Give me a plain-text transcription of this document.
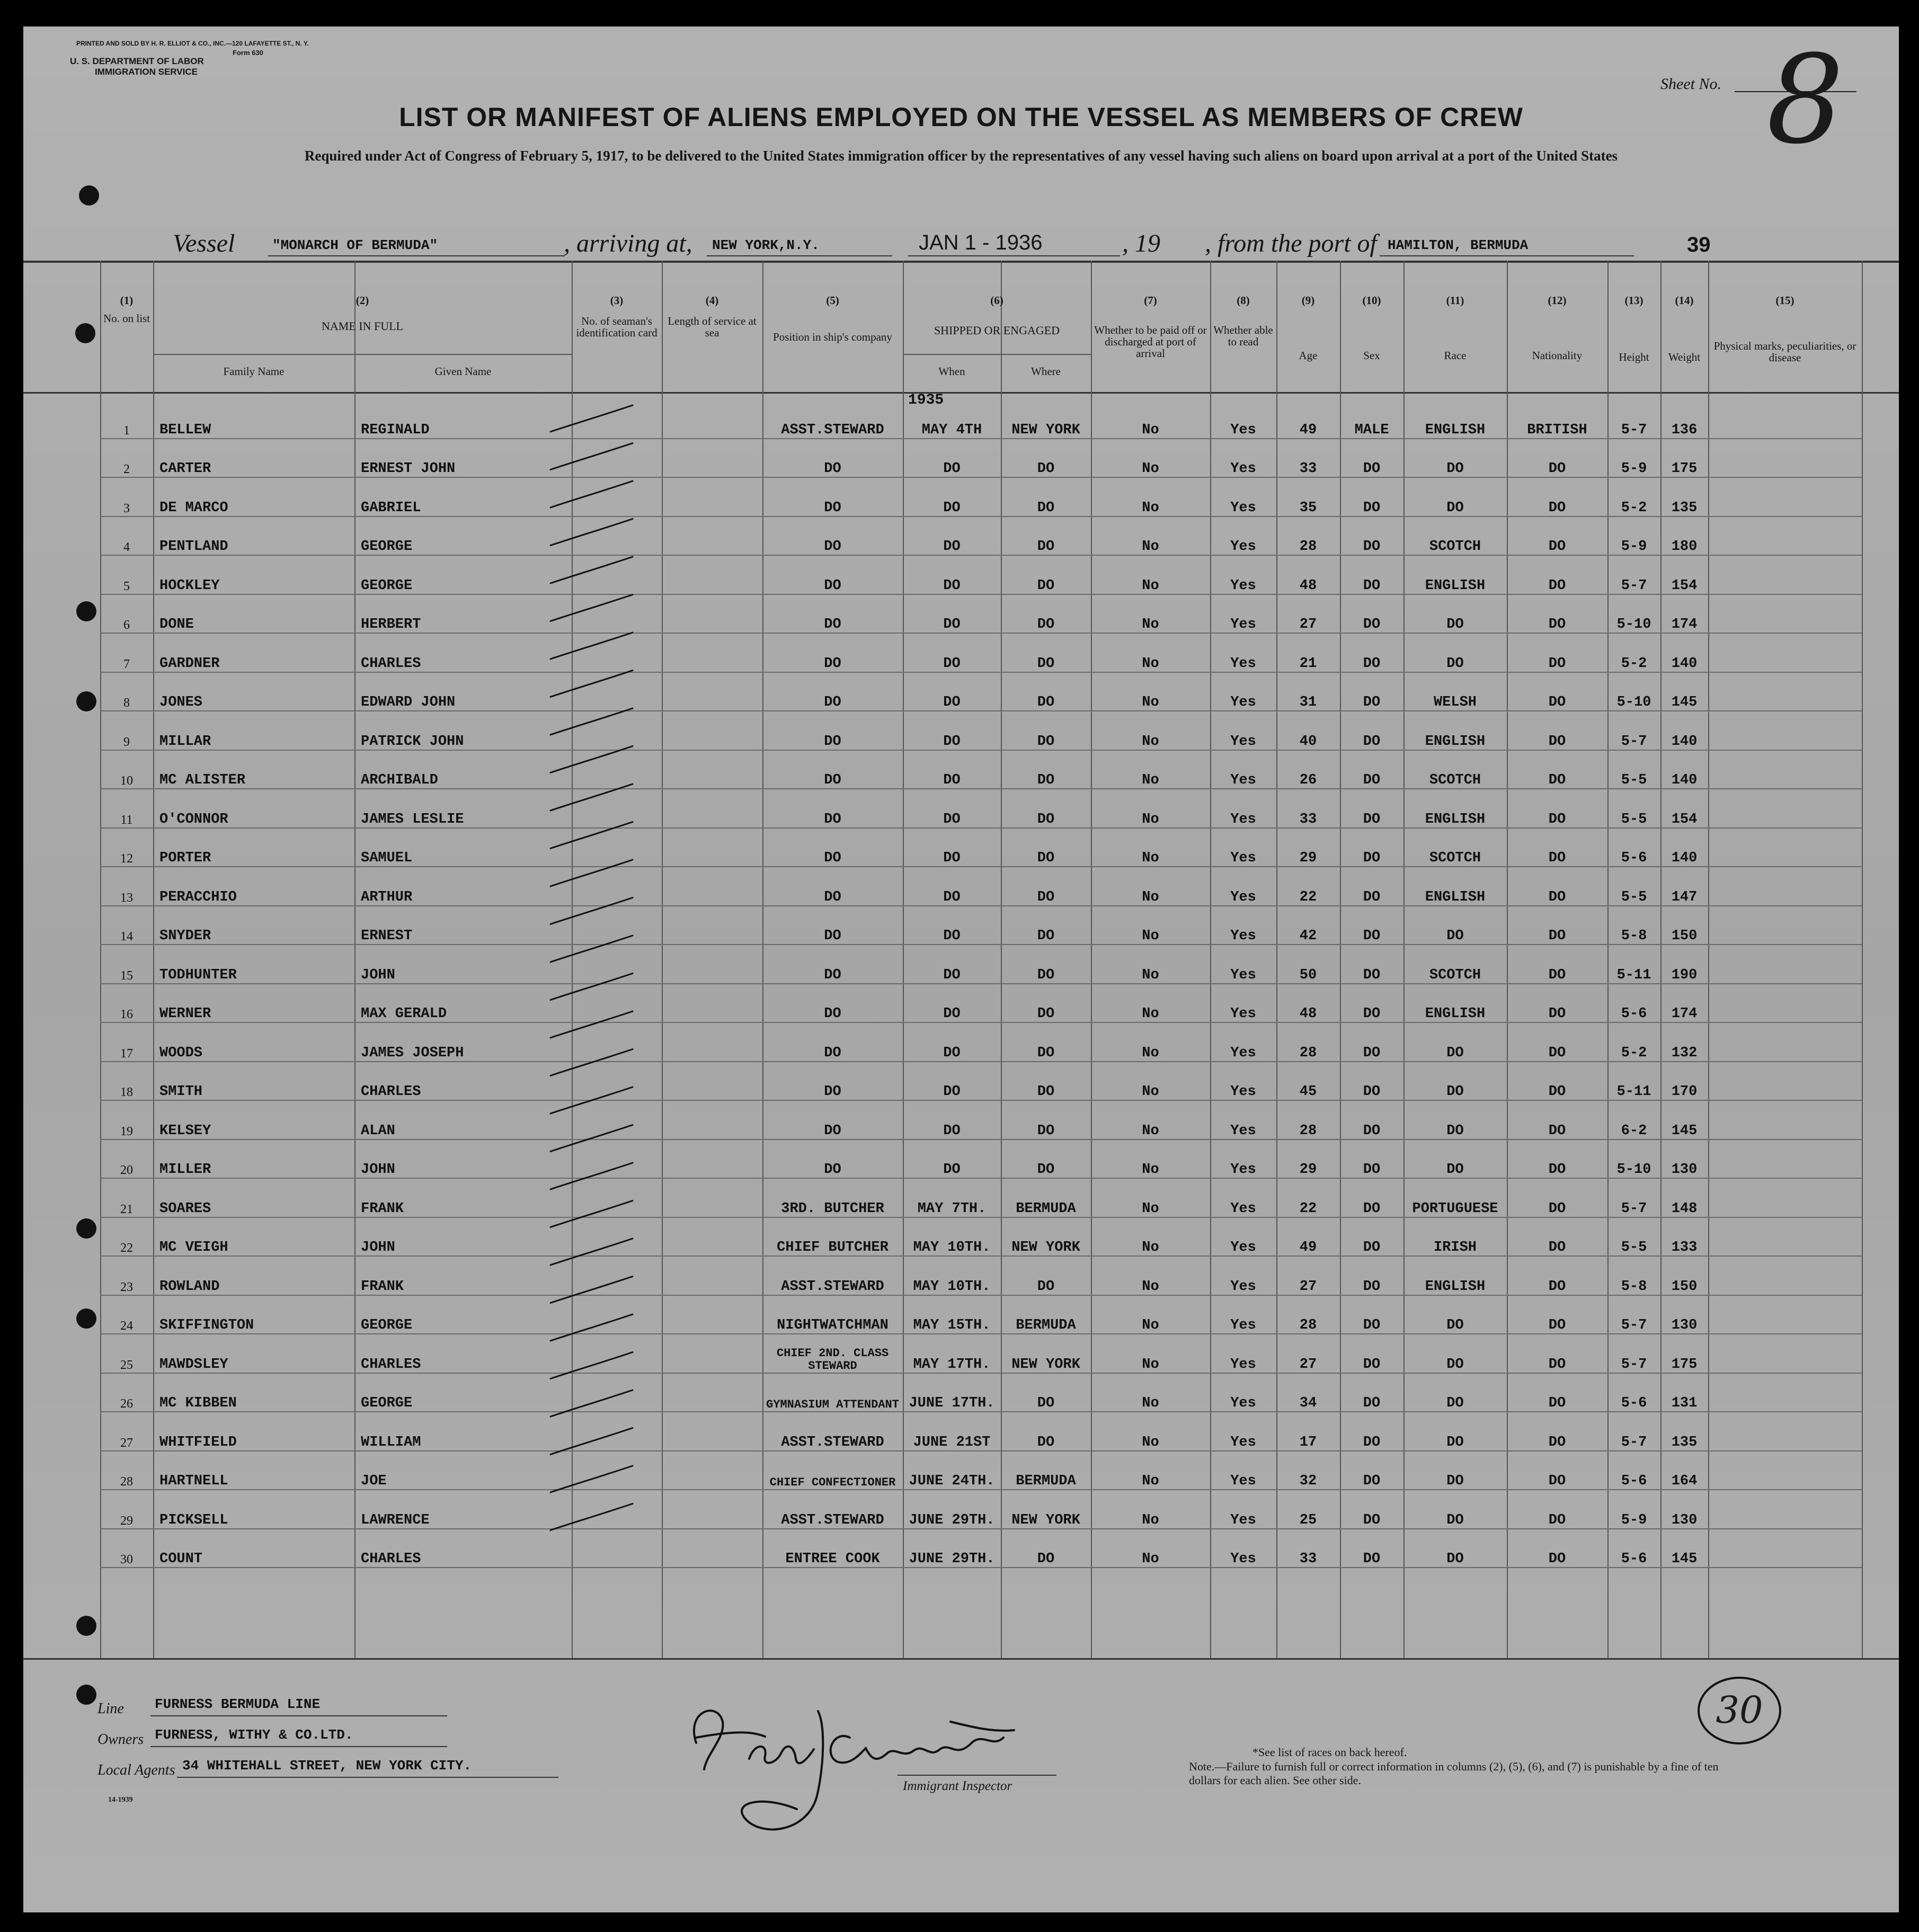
PRINTED AND SOLD BY H. R. ELLIOT & CO., INC.—120 LAFAYETTE ST., N. Y.
Form 630
U. S. DEPARTMENT OF LABOR
IMMIGRATION SERVICE
Sheet No. 8
LIST OR MANIFEST OF ALIENS EMPLOYED ON THE VESSEL AS MEMBERS OF CREW
Required under Act of Congress of February 5, 1917, to be delivered to the United States immigration officer by the representatives of any vessel having such aliens on board upon arrival at a port of the United States
Vessel	"MONARCH OF BERMUDA"	, arriving at, NEW YORK,N.Y.	JAN 1 - 1936	, 19 , from the port of HAMILTON, BERMUDA	39
(1)	(2)	(3)	(4)	(5)	(6)	(7)	(8)	(9)	(10)	(11)	(12)	(13)	(14)	(15)
No. on list
NAME IN FULL
Family Name	Given Name
No. of seaman's identification card
Length of service at sea	Position in ship's company	SHIPPED OR ENGAGED
When	Where
Whether to be paid off or discharged at port of arrival
Whether able to read
Age	Sex	Race	Nationality	Height	Weight
Physical marks, peculiarities, or disease
1935
1	BELLEW	REGINALD			ASST.STEWARD	MAY 4TH	NEW YORK	No	Yes	49	MALE	ENGLISH	BRITISH	5-7	136	
2	CARTER	ERNEST JOHN			DO	DO	DO	No	Yes	33	DO	DO	DO	5-9	175	
3	DE MARCO	GABRIEL			DO	DO	DO	No	Yes	35	DO	DO	DO	5-2	135	
4	PENTLAND	GEORGE			DO	DO	DO	No	Yes	28	DO	SCOTCH	DO	5-9	180	
5	HOCKLEY	GEORGE			DO	DO	DO	No	Yes	48	DO	ENGLISH	DO	5-7	154	
6	DONE	HERBERT			DO	DO	DO	No	Yes	27	DO	DO	DO	5-10	174	
7	GARDNER	CHARLES			DO	DO	DO	No	Yes	21	DO	DO	DO	5-2	140	
8	JONES	EDWARD JOHN			DO	DO	DO	No	Yes	31	DO	WELSH	DO	5-10	145	
9	MILLAR	PATRICK JOHN			DO	DO	DO	No	Yes	40	DO	ENGLISH	DO	5-7	140	
10	MC ALISTER	ARCHIBALD			DO	DO	DO	No	Yes	26	DO	SCOTCH	DO	5-5	140	
11	O'CONNOR	JAMES LESLIE			DO	DO	DO	No	Yes	33	DO	ENGLISH	DO	5-5	154	
12	PORTER	SAMUEL			DO	DO	DO	No	Yes	29	DO	SCOTCH	DO	5-6	140	
13	PERACCHIO	ARTHUR			DO	DO	DO	No	Yes	22	DO	ENGLISH	DO	5-5	147	
14	SNYDER	ERNEST			DO	DO	DO	No	Yes	42	DO	DO	DO	5-8	150	
15	TODHUNTER	JOHN			DO	DO	DO	No	Yes	50	DO	SCOTCH	DO	5-11	190	
16	WERNER	MAX GERALD			DO	DO	DO	No	Yes	48	DO	ENGLISH	DO	5-6	174	
17	WOODS	JAMES JOSEPH			DO	DO	DO	No	Yes	28	DO	DO	DO	5-2	132	
18	SMITH	CHARLES			DO	DO	DO	No	Yes	45	DO	DO	DO	5-11	170	
19	KELSEY	ALAN			DO	DO	DO	No	Yes	28	DO	DO	DO	6-2	145	
20	MILLER	JOHN			DO	DO	DO	No	Yes	29	DO	DO	DO	5-10	130	
21	SOARES	FRANK			3RD. BUTCHER	MAY 7TH.	BERMUDA	No	Yes	22	DO	PORTUGUESE	DO	5-7	148	
22	MC VEIGH	JOHN			CHIEF BUTCHER	MAY 10TH.	NEW YORK	No	Yes	49	DO	IRISH	DO	5-5	133	
23	ROWLAND	FRANK			ASST.STEWARD	MAY 10TH.	DO	No	Yes	27	DO	ENGLISH	DO	5-8	150	
24	SKIFFINGTON	GEORGE			NIGHTWATCHMAN	MAY 15TH.	BERMUDA	No	Yes	28	DO	DO	DO	5-7	130	
25	MAWDSLEY	CHARLES			CHIEF 2ND. CLASS STEWARD	MAY 17TH.	NEW YORK	No	Yes	27	DO	DO	DO	5-7	175	
26	MC KIBBEN	GEORGE			GYMNASIUM ATTENDANT	JUNE 17TH.	DO	No	Yes	34	DO	DO	DO	5-6	131	
27	WHITFIELD	WILLIAM			ASST.STEWARD	JUNE 21ST	DO	No	Yes	17	DO	DO	DO	5-7	135	
28	HARTNELL	JOE			CHIEF CONFECTIONER	JUNE 24TH.	BERMUDA	No	Yes	32	DO	DO	DO	5-6	164	
29	PICKSELL	LAWRENCE			ASST.STEWARD	JUNE 29TH.	NEW YORK	No	Yes	25	DO	DO	DO	5-9	130	
30	COUNT	CHARLES			ENTREE COOK	JUNE 29TH.	DO	No	Yes	33	DO	DO	DO	5-6	145	
Line FURNESS BERMUDA LINE
Owners FURNESS, WITHY & CO.LTD.
Local Agents 34 WHITEHALL STREET, NEW YORK CITY.
14-1939
Immigrant Inspector
30
*See list of races on back hereof.
Note.—Failure to furnish full or correct information in columns (2), (5), (6), and (7) is punishable by a fine of ten dollars for each alien. See other side.
